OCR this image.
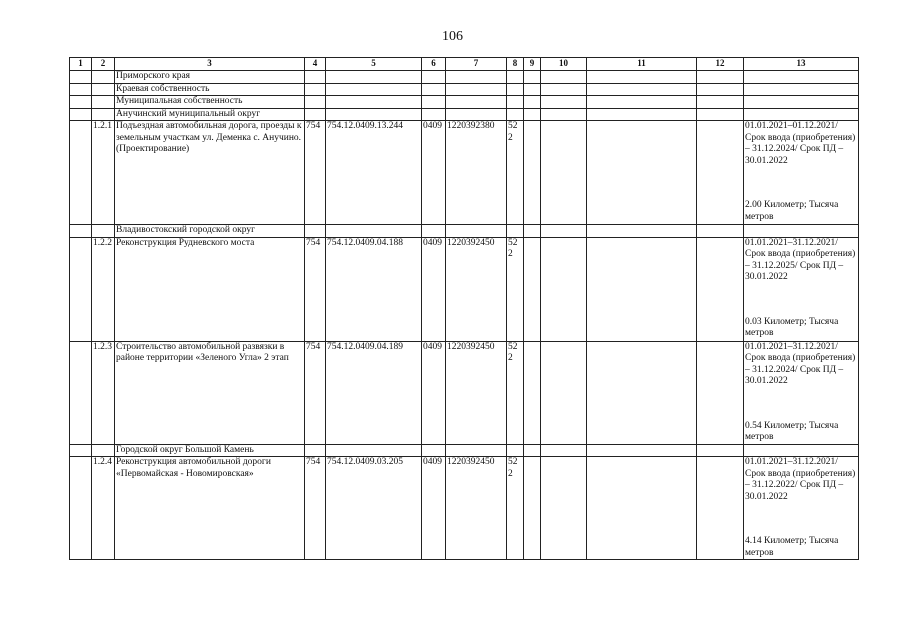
106
1	2	3	4	5	6	7	8	9	10	11	12	13
		Приморского края										
		Краевая собственность										
		Муниципальная собственность										
		Анучинский муниципальный округ										
	1.2.1	Подъездная автомобильная дорога, проезды к земельным участкам ул. Деменка с. Анучино. (Проектирование)	754	754.12.0409.13.244	0409	1220392380	522					01.01.2021–01.12.2021/ Срок ввода (приобретения) – 31.12.2024/ Срок ПД – 30.01.2022
2.00 Километр; Тысяча метров

		Владивостокский городской округ										
	1.2.2	Реконструкция Рудневского моста	754	754.12.0409.04.188	0409	1220392450	522					01.01.2021–31.12.2021/ Срок ввода (приобретения) – 31.12.2025/ Срок ПД – 30.01.2022
0.03 Километр; Тысяча метров

	1.2.3	Строительство автомобильной развязки в районе территории «Зеленого Угла» 2 этап	754	754.12.0409.04.189	0409	1220392450	522					01.01.2021–31.12.2021/ Срок ввода (приобретения) – 31.12.2024/ Срок ПД – 30.01.2022
0.54 Километр; Тысяча метров

		Городской округ Большой Камень										
	1.2.4	Реконструкция автомобильной дороги «Первомайская - Новомировская»	754	754.12.0409.03.205	0409	1220392450	522					01.01.2021–31.12.2021/ Срок ввода (приобретения) – 31.12.2022/ Срок ПД – 30.01.2022
4.14 Километр; Тысяча метров
